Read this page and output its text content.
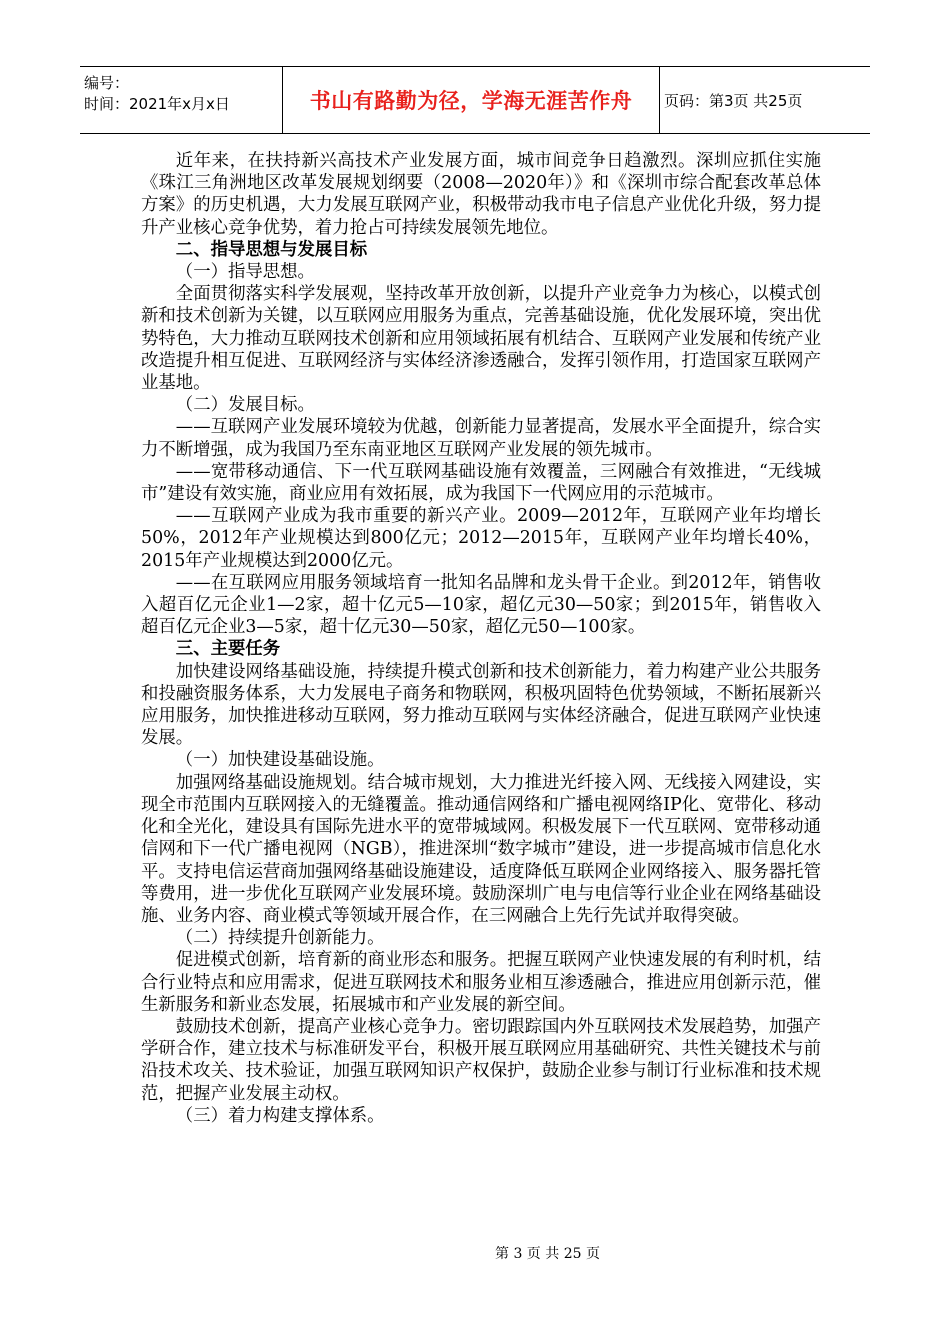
编号：
时间：2021年x月x日	书山有路勤为径，学海无涯苦作舟	页码：第3页 共25页

近年来，在扶持新兴高技术产业发展方面，城市间竞争日趋激烈。深圳应抓住实施《珠江三角洲地区改革发展规划纲要（2008—2020年）》和《深圳市综合配套改革总体方案》的历史机遇，大力发展互联网产业，积极带动我市电子信息产业优化升级，努力提升产业核心竞争优势，着力抢占可持续发展领先地位。

二、指导思想与发展目标

（一）指导思想。

全面贯彻落实科学发展观，坚持改革开放创新，以提升产业竞争力为核心，以模式创新和技术创新为关键，以互联网应用服务为重点，完善基础设施，优化发展环境，突出优势特色，大力推动互联网技术创新和应用领域拓展有机结合、互联网产业发展和传统产业改造提升相互促进、互联网经济与实体经济渗透融合，发挥引领作用，打造国家互联网产业基地。

（二）发展目标。

——互联网产业发展环境较为优越，创新能力显著提高，发展水平全面提升，综合实力不断增强，成为我国乃至东南亚地区互联网产业发展的领先城市。

——宽带移动通信、下一代互联网基础设施有效覆盖，三网融合有效推进，“无线城市”建设有效实施，商业应用有效拓展，成为我国下一代网应用的示范城市。

——互联网产业成为我市重要的新兴产业。2009—2012年，互联网产业年均增长50%，2012年产业规模达到800亿元；2012—2015年，互联网产业年均增长40%，2015年产业规模达到2000亿元。

——在互联网应用服务领域培育一批知名品牌和龙头骨干企业。到2012年，销售收入超百亿元企业1—2家，超十亿元5—10家，超亿元30—50家；到2015年，销售收入超百亿元企业3—5家，超十亿元30—50家，超亿元50—100家。

三、主要任务

加快建设网络基础设施，持续提升模式创新和技术创新能力，着力构建产业公共服务和投融资服务体系，大力发展电子商务和物联网，积极巩固特色优势领域，不断拓展新兴应用服务，加快推进移动互联网，努力推动互联网与实体经济融合，促进互联网产业快速发展。

（一）加快建设基础设施。

加强网络基础设施规划。结合城市规划，大力推进光纤接入网、无线接入网建设，实现全市范围内互联网接入的无缝覆盖。推动通信网络和广播电视网络IP化、宽带化、移动化和全光化，建设具有国际先进水平的宽带城域网。积极发展下一代互联网、宽带移动通信网和下一代广播电视网（NGB），推进深圳“数字城市”建设，进一步提高城市信息化水平。支持电信运营商加强网络基础设施建设，适度降低互联网企业网络接入、服务器托管等费用，进一步优化互联网产业发展环境。鼓励深圳广电与电信等行业企业在网络基础设施、业务内容、商业模式等领域开展合作，在三网融合上先行先试并取得突破。

（二）持续提升创新能力。

促进模式创新，培育新的商业形态和服务。把握互联网产业快速发展的有利时机，结合行业特点和应用需求，促进互联网技术和服务业相互渗透融合，推进应用创新示范，催生新服务和新业态发展，拓展城市和产业发展的新空间。

鼓励技术创新，提高产业核心竞争力。密切跟踪国内外互联网技术发展趋势，加强产学研合作，建立技术与标准研发平台，积极开展互联网应用基础研究、共性关键技术与前沿技术攻关、技术验证，加强互联网知识产权保护，鼓励企业参与制订行业标准和技术规范，把握产业发展主动权。

（三）着力构建支撑体系。

第 3 页 共 25 页
